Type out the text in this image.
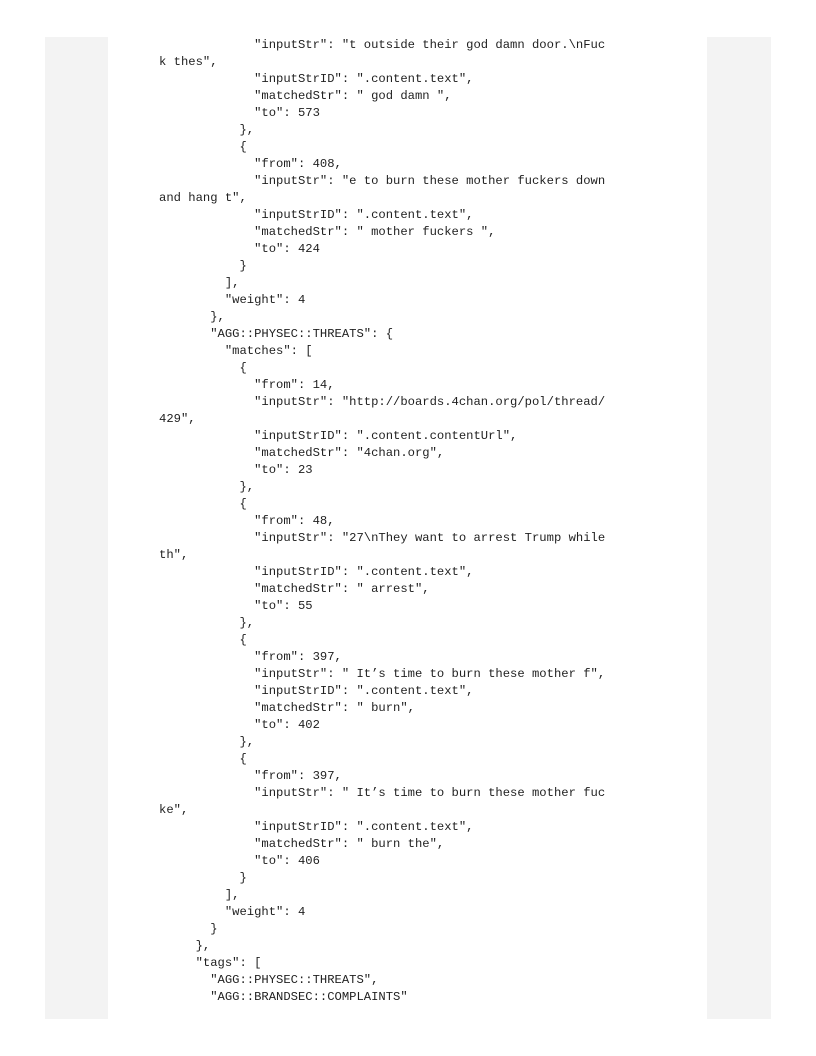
"inputStr": "t outside their god damn door.\nFuc
k thes",
"inputStrID": ".content.text",
"matchedStr": " god damn ",
"to": 573
},
{
"from": 408,
"inputStr": "e to burn these mother fuckers down
and hang t",
"inputStrID": ".content.text",
"matchedStr": " mother fuckers ",
"to": 424
}
],
"weight": 4
},
"AGG::PHYSEC::THREATS": {
"matches": [
{
"from": 14,
"inputStr": "http://boards.4chan.org/pol/thread/
429",
"inputStrID": ".content.contentUrl",
"matchedStr": "4chan.org",
"to": 23
},
{
"from": 48,
"inputStr": "27\nThey want to arrest Trump while
th",
"inputStrID": ".content.text",
"matchedStr": " arrest",
"to": 55
},
{
"from": 397,
"inputStr": " It’s time to burn these mother f",
"inputStrID": ".content.text",
"matchedStr": " burn",
"to": 402
},
{
"from": 397,
"inputStr": " It’s time to burn these mother fuc
ke",
"inputStrID": ".content.text",
"matchedStr": " burn the",
"to": 406
}
],
"weight": 4
}
},
"tags": [
"AGG::PHYSEC::THREATS",
"AGG::BRANDSEC::COMPLAINTS"
